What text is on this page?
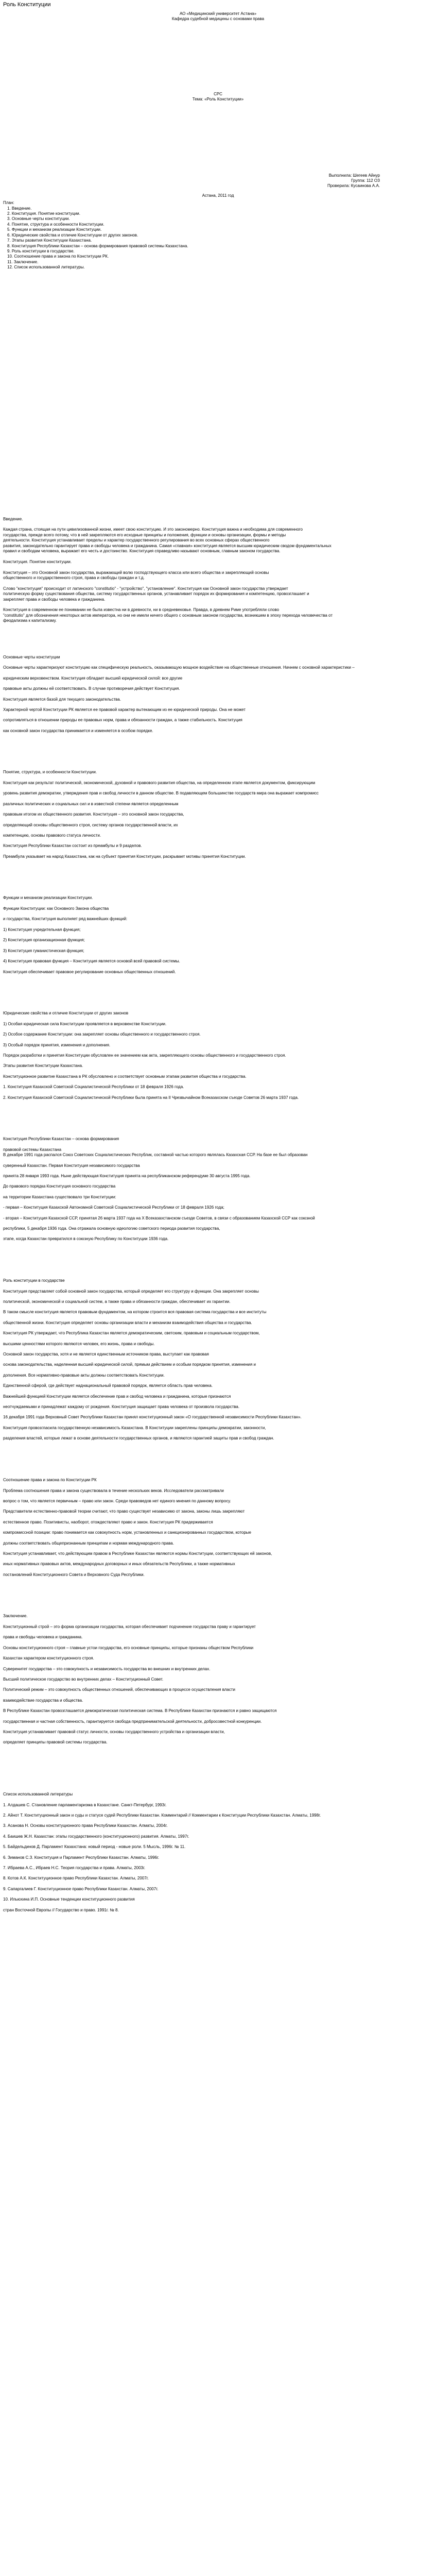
Роль Конституции
АО «Медицинский университет Астана»
Кафедра судебной медицины с основами права
СРС
Тема: «Роль Конституции»
Выполнила: Шегеев Айнур
Группа: 112 ОЗ
Проверила: Кусаинова А.А.
Астана, 2011 год
План:
1. Введение.
2. Конституция. Понятие конституции.
3. Основные черты конституции.
4. Понятие, структура и особенности Конституции.
5. Функции и механизм реализации Конституции.
6. Юридические свойства и отличие Конституции от других законов.
7. Этапы развития Конституции Казахстана.
8. Конституция Республики Казахстан – основа формирования правовой системы Казахстана.
9. Роль конституции в государстве.
10. Соотношение права и закона по Конституции РК.
11. Заключение.
12. Список использованной литературы.
Введение.
Каждая страна, стоящая на пути цивилизованной жизни, имеет свою конституцию. И это закономерно. Конституция важна и необходима для современного
государства, прежде всего потому, что в ней закрепляются его исходные принципы и положения, функции и основы организации, формы и методы
деятельности. Конституция устанавливает пределы и характер государственного регулирования во всех основных сферах общественного
развития, законодательно гарантирует права и свободы человека и гражданина. Самая «главная» конституция является высшим юридическим сводом фундаментальных
правил и свободам человека, выражает его честь и достоинство. Конституция справедливо называют основным, главным законом государства.
Конституция. Понятие конституции.
Конституция – это Основной закон государства, выражающий волю господствующего класса или всего общества и закрепляющий основы
общественного и государственного строя, права и свободы граждан и т.д.
Слово "конституция" происходит от латинского "constitutio" - "устройство", "установление". Конституция как Основной закон государства утверждает
политическую форму существования общества, систему государственных органов, устанавливает порядок их формирования и компетенцию, провозглашает и
закрепляет права и свободы человека и гражданина.
Конституция в современном ее понимании не была известна ни в древности, ни в средневековье. Правда, в древнем Риме употребляли слово
"constitutio" для обозначения некоторых актов императора, но они не имели ничего общего с основным законом государства, возникшем в эпоху перехода человечества от
феодализма к капитализму.
Основные черты конституции
Основные черты характеризуют конституцию как специфическую реальность, оказывающую мощное воздействие на общественные отношения. Начнем с основной характеристики –
юридическим верховенством. Конституция обладает высшей юридической силой: все другие
правовые акты должны ей соответствовать. В случае противоречия действует Конституция.
Конституция является базой для текущего законодательства.
Характерной чертой Конституции РК является ее правовой характер вытекающим из ее юридической природы. Она не может
сопротивляться в отношении природы ее правовых норм, права и обязанности граждан, а также стабильность. Конституция
как основной закон государства принимается и изменяется в особом порядке.
Понятие, структура, и особенности Конституции.
Конституция как результат политической, экономической, духовной и правового развития общества, на определенном этапе является документом, фиксирующим
уровень развития демократии, утверждения прав и свобод личности в данном обществе. В подавляющем большинстве государств мира она выражает компромисс
различных политических и социальных сил и в известной степени является определенным
правовым итогом их общественного развития. Конституция – это основной закон государства,
определяющий основы общественного строя, систему органов государственной власти, их
компетенцию, основы правового статуса личности.
Конституция Республики Казахстан состоит из преамбулы и 9 разделов.
Преамбула указывает на народ Казахстана, как на субъект принятия Конституции, раскрывает мотивы принятия Конституции.
Функции и механизм реализации Конституции.
Функции Конституции: как Основного Закона общества
и государства, Конституция выполняет ряд важнейших функций:
1) Конституция учредительная функция;
2) Конституция организационная функция;
3) Конституция гуманистическая функция;
4) Конституция правовая функция – Конституция является основой всей правовой системы.
Конституция обеспечивает правовое регулирование основных общественных отношений.
Юридические свойства и отличие Конституции от других законов
1) Особая юридическая сила Конституции проявляется в верховенстве Конституции.
2) Особое содержание Конституции: она закрепляет основы общественного и государственного строя.
3) Особый порядок принятия, изменения и дополнения.
Порядок разработки и принятия Конституции обусловлен ее значением как акта, закрепляющего основы общественного и государственного строя.
Этапы развития Конституции Казахстана.
Конституционное развитие Казахстана в РК обусловлено и соответствует основным этапам развития общества и государства.
1. Конституция Казахской Советской Социалистической Республики от 18 февраля 1926 года.
2. Конституция Казахской Советской Социалистической Республики была принята на II Чрезвычайном Всеказахском съезде Советов 26 марта 1937 года.
Конституция Республики Казахстан – основа формирования
правовой системы Казахстана
В декабре 1991 года распался Союз Советских Социалистических Республик, составной частью которого являлась Казахская ССР. На базе ее был образован
суверенный Казахстан. Первая Конституция независимого государства
принята 28 января 1993 года. Ныне действующая Конституция принята на республиканском референдуме 30 августа 1995 года.
До правового порядка Конституция основного государства
на территории Казахстана существовало три Конституции:
- первая – Конституция Казахской Автономной Советской Социалистической Республики от 18 февраля 1926 года;
- вторая – Конституция Казахской ССР, принятая 26 марта 1937 года на X Всеказахстанском съезде Советов, в связи с образованием Казахской ССР как союзной
республики, 5 декабря 1936 года. Она отражала основную идеологию советского периода развития государства,
этапе, когда Казахстан превратился в союзную Республику по Конституции 1936 года.
Роль конституции в государстве
Конституция представляет собой основной закон государства, который определяет его структуру и функции. Она закрепляет основы
политической, экономической и социальной систем, а также права и обязанности граждан, обеспечивает их гарантии.
В таком смысле конституция является правовым фундаментом, на котором строится вся правовая система государства и все институты
общественной жизни. Конституция определяет основы организации власти и механизм взаимодействия общества и государства.
Конституция РК утверждает, что Республика Казахстан является демократическим, светским, правовым и социальным государством,
высшими ценностями которого являются человек, его жизнь, права и свободы.
Основной закон государства, хотя и не является единственным источником права, выступает как правовая
основа законодательства, наделенная высшей юридической силой, прямым действием и особым порядком принятия, изменения и
дополнения. Все нормативно-правовые акты должны соответствовать Конституции.
Единственной сферой, где действует наднациональный правовой порядок, является область прав человека.
Важнейшей функцией Конституции является обеспечение прав и свобод человека и гражданина, которые признаются
неотчуждаемыми и принадлежат каждому от рождения. Конституция защищает права человека от произвола государства.
16 декабря 1991 года Верховный Совет Республики Казахстан принял конституционный закон «О государственной независимости Республики Казахстан».
Конституция провозгласила государственную независимость Казахстана. В Конституции закреплены принципы демократии, законности,
разделения властей, которые лежат в основе деятельности государственных органов, и являются гарантией защиты прав и свобод граждан.
Соотношение права и закона по Конституции РК
Проблема соотношения права и закона существовала в течение нескольких веков. Исследователи рассматривали
вопрос о том, что является первичным – право или закон. Среди правоведов нет единого мнения по данному вопросу.
Представители естественно-правовой теории считают, что право существует независимо от закона, законы лишь закрепляют
естественное право. Позитивисты, наоборот, отождествляют право и закон. Конституция РК придерживается
компромиссной позиции: право понимается как совокупность норм, установленных и санкционированных государством, которые
должны соответствовать общепризнанным принципам и нормам международного права.
Конституция устанавливает, что действующим правом в Республике Казахстан являются нормы Конституции, соответствующих ей законов,
иных нормативных правовых актов, международных договорных и иных обязательств Республики, а также нормативных
постановлений Конституционного Совета и Верховного Суда Республики.
Заключение.
Конституционный строй – это форма организации государства, которая обеспечивает подчинение государства праву и гарантирует
права и свободы человека и гражданина.
Основы конституционного строя – главные устои государства, его основные принципы, которые признаны обществом Республики
Казахстан характером конституционного строя.
Суверенитет государства – это совокупность и независимость государства во внешних и внутренних делах.
Высший политическое государство во внутренних делах – Конституционный Совет.
Политический режим – это совокупность общественных отношений, обеспечивающих в процессе осуществления власти
взаимодействие государства и общества.
В Республике Казахстан провозглашается демократическая политическая система. В Республике Казахстан признаются и равно защищаются
государственная и частная собственность, гарантируется свобода предпринимательской деятельности, добросовестной конкуренции.
Конституция устанавливает правовой статус личности, основы государственного устройства и организации власти,
определяет принципы правовой системы государства.
Список использованной литературы
1. Алдашев С. Становление парламентаризма в Казахстане. Санкт-Петербург, 1993г.
2. Айнот Т. Конституционный закон и суды и статусе судей Республики Казахстан. Комментарий // Комментарии к Конституции Республики Казахстан. Алматы, 1998г.
3. Асанова Н. Основы конституционного права Республики Казахстан. Алматы, 2004г.
4. Баишев Ж.Н. Казахстан: этапы государственного (конституционного) развития. Алматы, 1997г.
5. Байдельдинов Д. Парламент Казахстана: новый период - новые роли. 5 Мысль, 1996г. № 11.
6. Зиманов С.З. Конституция и Парламент Республики Казахстан. Алматы, 1996г.
7. Ибраева А.С., Ибраев Н.С. Теория государства и права. Алматы, 2003г.
8. Котов А.К. Конституционное право Республики Казахстан. Алматы, 2007г.
9. Сапаргалиев Г. Конституционное право Республики Казахстан. Алматы, 2007г.
10. Ильюхина И.П. Основные тенденции конституционного развития
стран Восточной Европы // Государство и право. 1991г. № 8.
